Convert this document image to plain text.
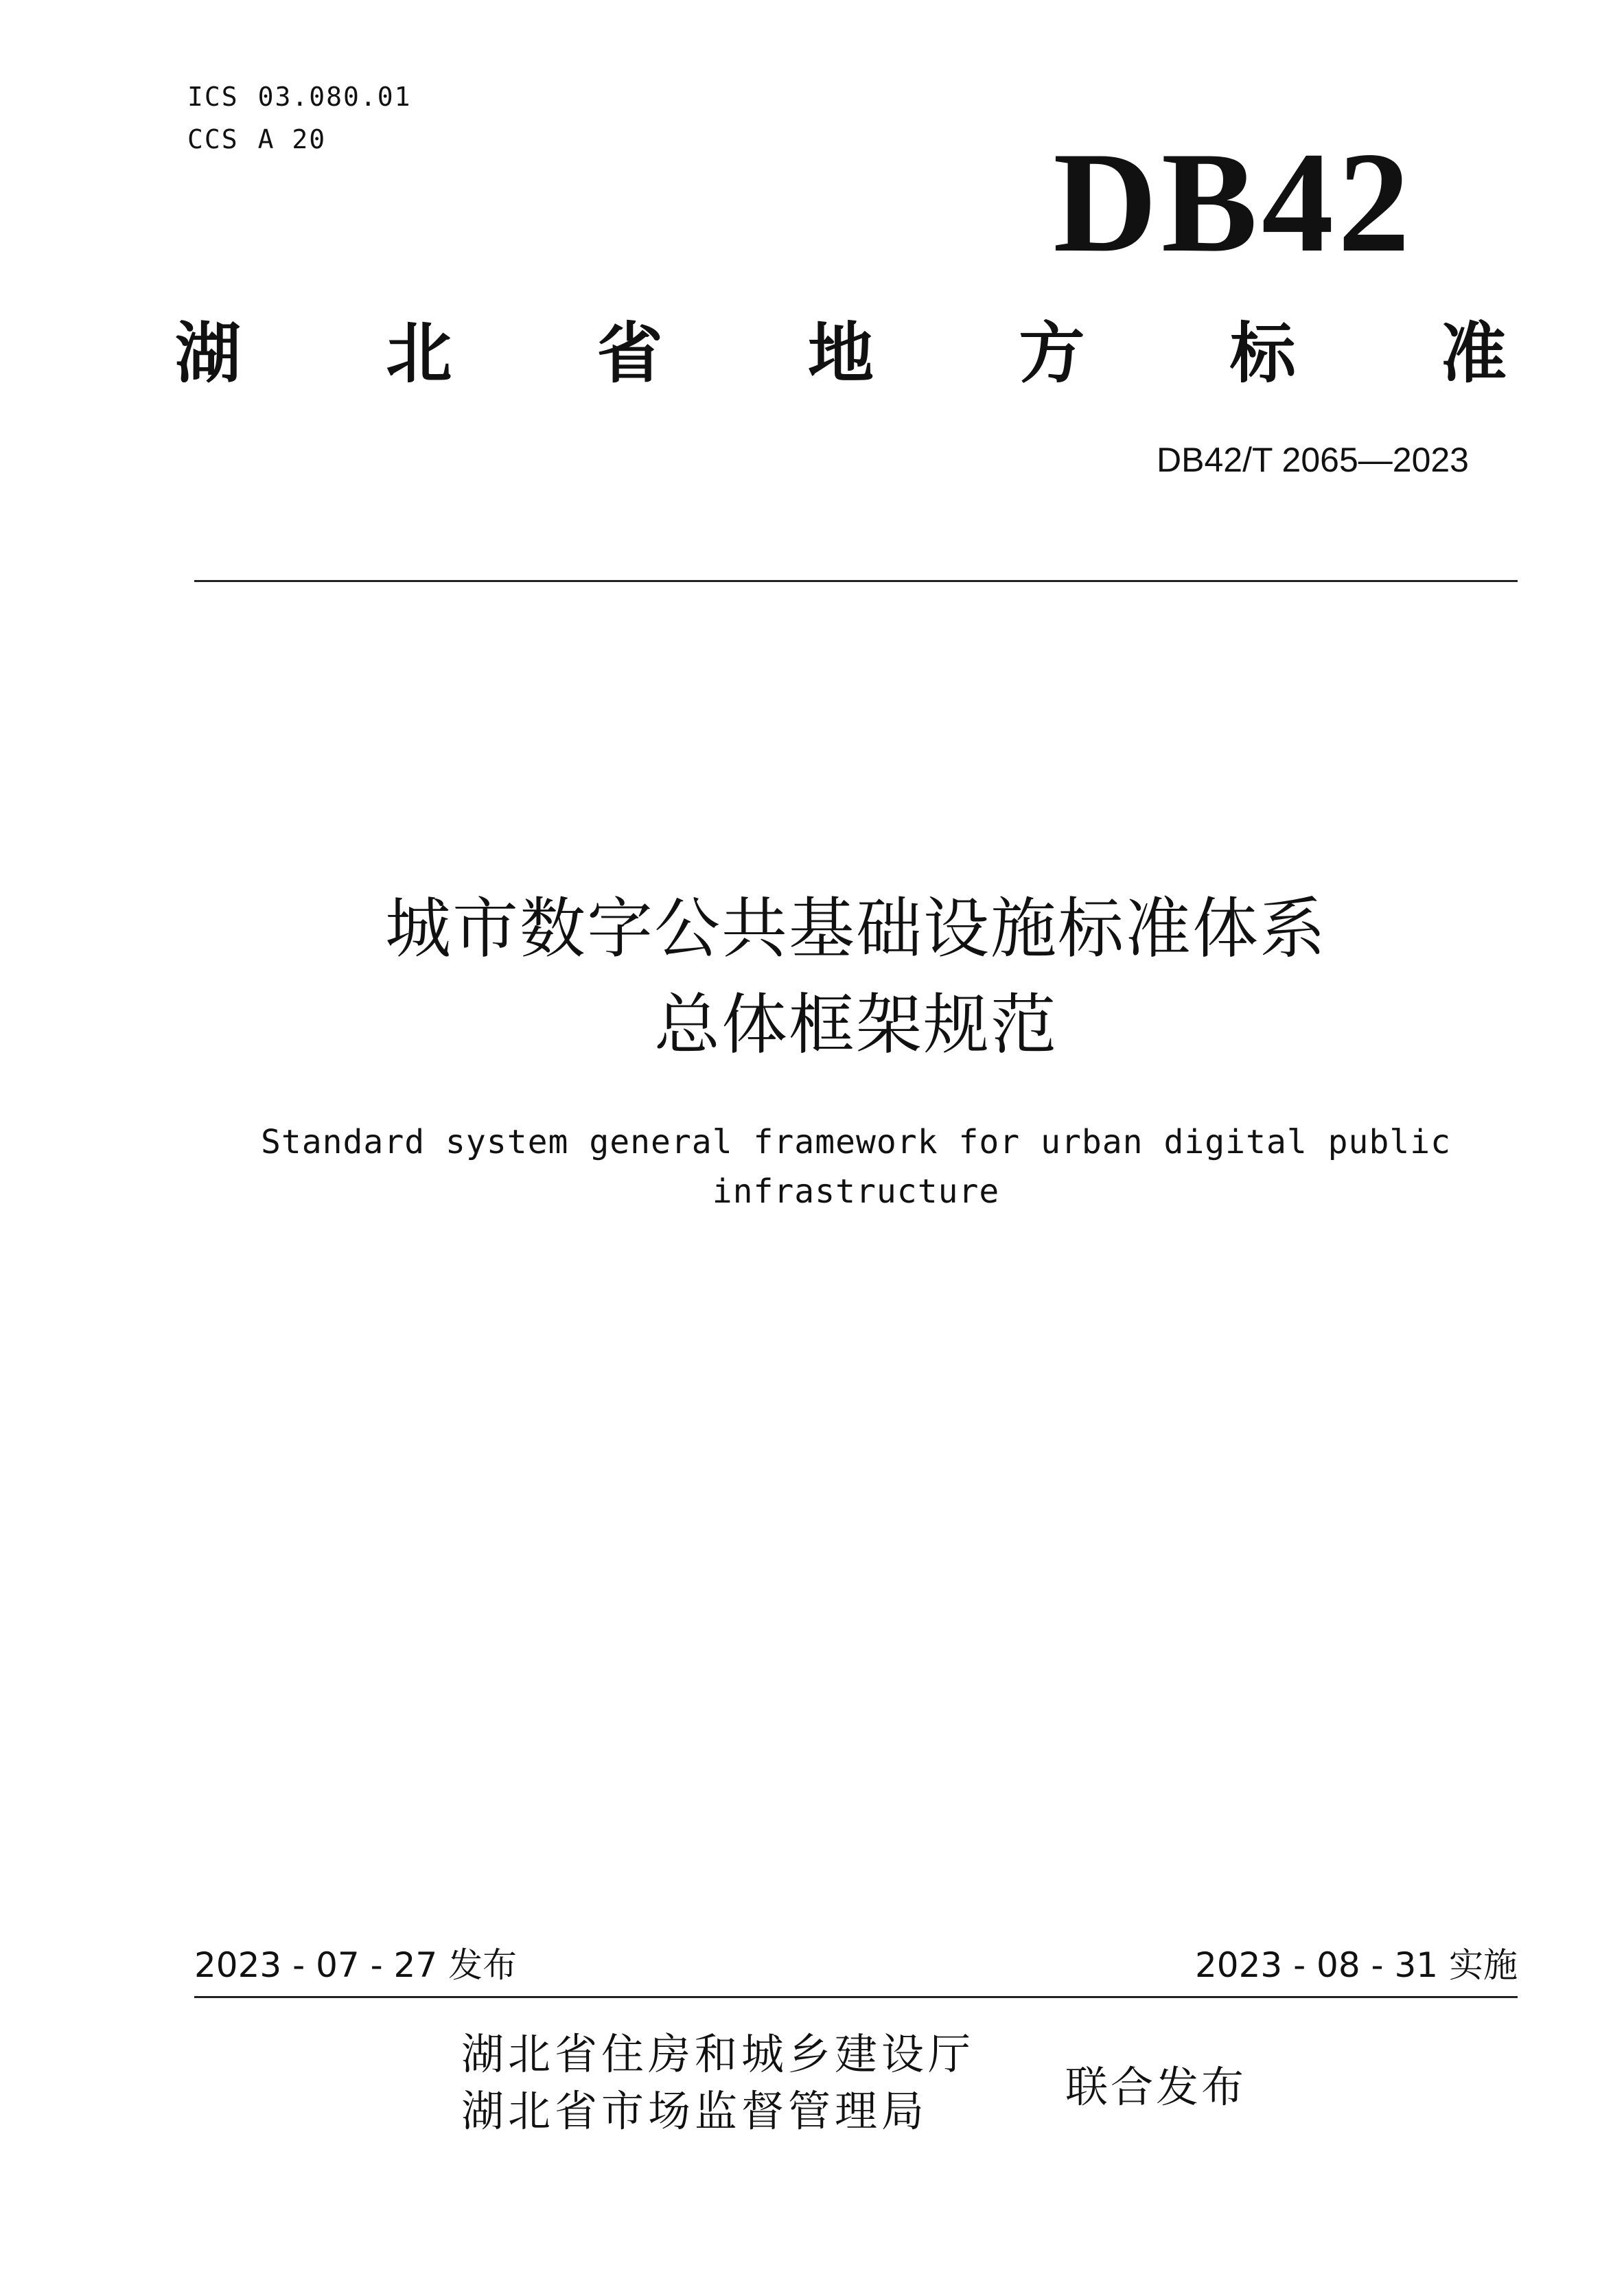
ICS 03.080.01
CCS A 20	DB42
湖 北 省 地 方 标 准
DB42/T 2065—2023
城市数字公共基础设施标准体系
总体框架规范
Standard system general framework for urban digital public
infrastructure
2023 - 07 - 27 发布	2023 - 08 - 31 实施
湖北省住房和城乡建设厅
湖北省市场监督管理局	联合发布
